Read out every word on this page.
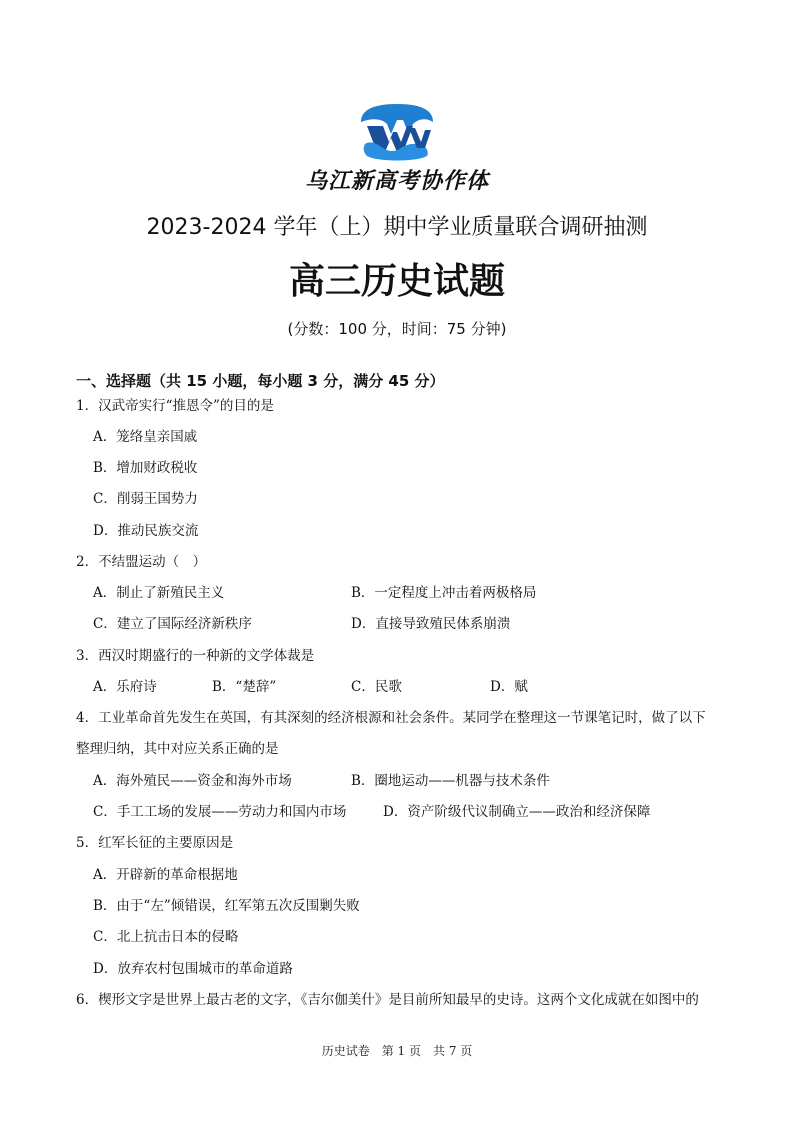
乌江新高考协作体
2023-2024 学年（上）期中学业质量联合调研抽测
高三历史试题
(分数：100 分，时间：75 分钟)
一、选择题（共 15 小题，每小题 3 分，满分 45 分）
1．汉武帝实行“推恩令”的目的是
A．笼络皇亲国戚
B．增加财政税收
C．削弱王国势力
D．推动民族交流
2．不结盟运动（　）
A．制止了新殖民主义	B．一定程度上冲击着两极格局
C．建立了国际经济新秩序	D．直接导致殖民体系崩溃
3．西汉时期盛行的一种新的文学体裁是
A．乐府诗	B．“楚辞”	C．民歌	D．赋
4．工业革命首先发生在英国，有其深刻的经济根源和社会条件。某同学在整理这一节课笔记时，做了以下
整理归纳，其中对应关系正确的是
A．海外殖民——资金和海外市场	B．圈地运动——机器与技术条件
C．手工工场的发展——劳动力和国内市场	D．资产阶级代议制确立——政治和经济保障
5．红军长征的主要原因是
A．开辟新的革命根据地
B．由于“左”倾错误，红军第五次反围剿失败
C．北上抗击日本的侵略
D．放弃农村包围城市的革命道路
6．楔形文字是世界上最古老的文字，《吉尔伽美什》是目前所知最早的史诗。这两个文化成就在如图中的
历史试卷　第 1 页　共 7 页
